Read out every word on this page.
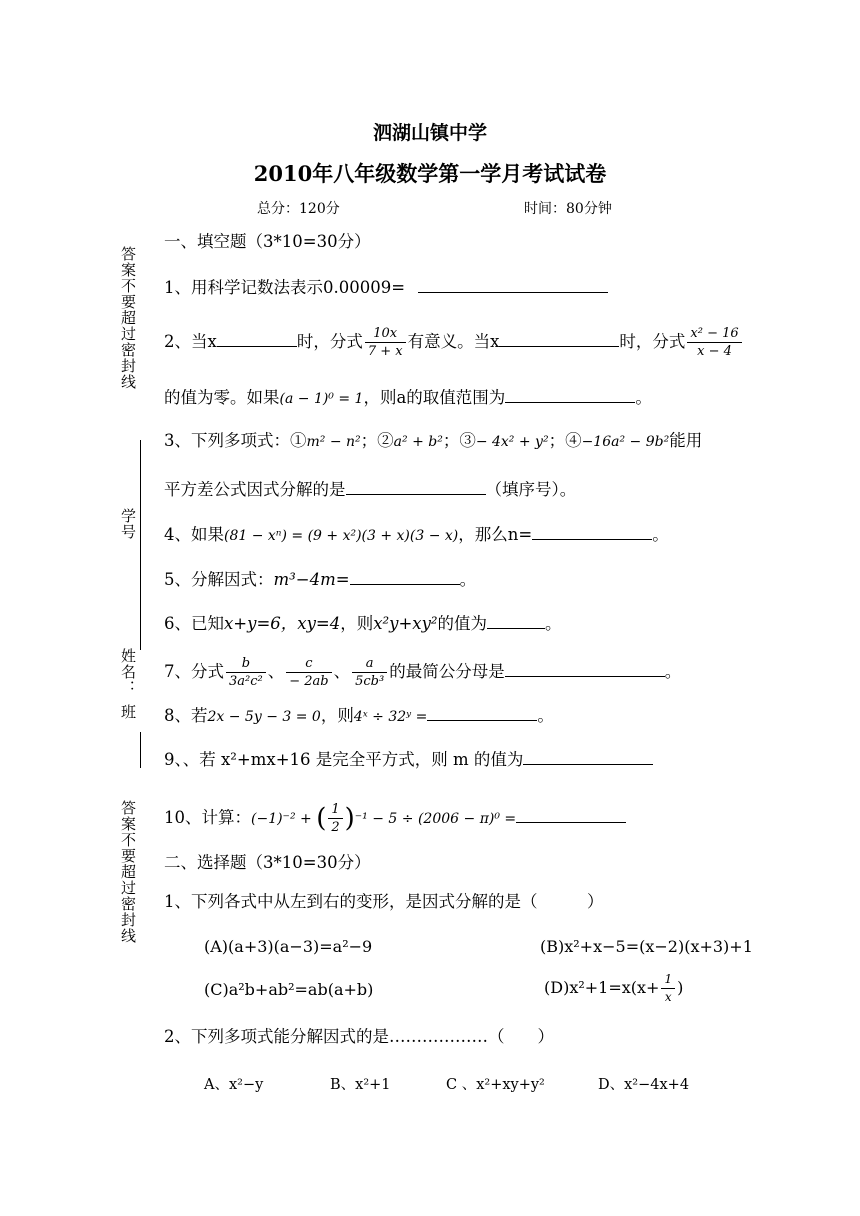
泗湖山镇中学
2010年八年级数学第一学月考试试卷
总分：120分	时间：80分钟
答案不要超过密封线
学号
姓名：
班
答案不要超过密封线
一、填空题（3*10=30分）
1、用科学记数法表示0.00009=
2、当x	时，分式 $\frac{10x}{7 + x}$ 有意义。当x	时，分式 $\frac{\text{x² − 16}}{x - 4}$
的值为零。如果(a − 1)⁰ = 1，则a的取值范围为	。
3、下列多项式：①m² − n²；②a² + b²；③− 4x² + y²；④−16a² − 9b²能用
平方差公式因式分解的是	（填序号）。
4、如果(81 − xⁿ) = (9 + x²)(3 + x)(3 − x)，那么n=	。
5、分解因式：m³−4m=	。
6、已知x+y=6，xy=4，则x²y+xy²的值为	。
7、分式 $\frac{b}{\text{3a²c²}}$ 、 $\frac{c}{- 2ab}$ 、 $\frac{a}{\text{5cb³}}$ 的最简公分母是	。
8、若2x − 5y − 3 = 0，则4ˣ ÷ 32ʸ =	。
9、、若 x²+mx+16 是完全平方式，则 m 的值为
10、计算：(−1)⁻² + ( $\frac{1}{2} )^{-1} - 5 \div (2006 - \pi)^0$ =
二、选择题（3*10=30分）
1、下列各式中从左到右的变形，是因式分解的是（　　　）
(A)(a+3)(a−3)=a²−9	(B)x²+x−5=(x−2)(x+3)+1
(C)a²b+ab²=ab(a+b)	$(D)x^2+1=x(x+ \frac{1}{x}$ )
2、下列多项式能分解因式的是………………（　　）
A、x²−y	B、x²+1	C 、x²+xy+y²	D、x²−4x+4
